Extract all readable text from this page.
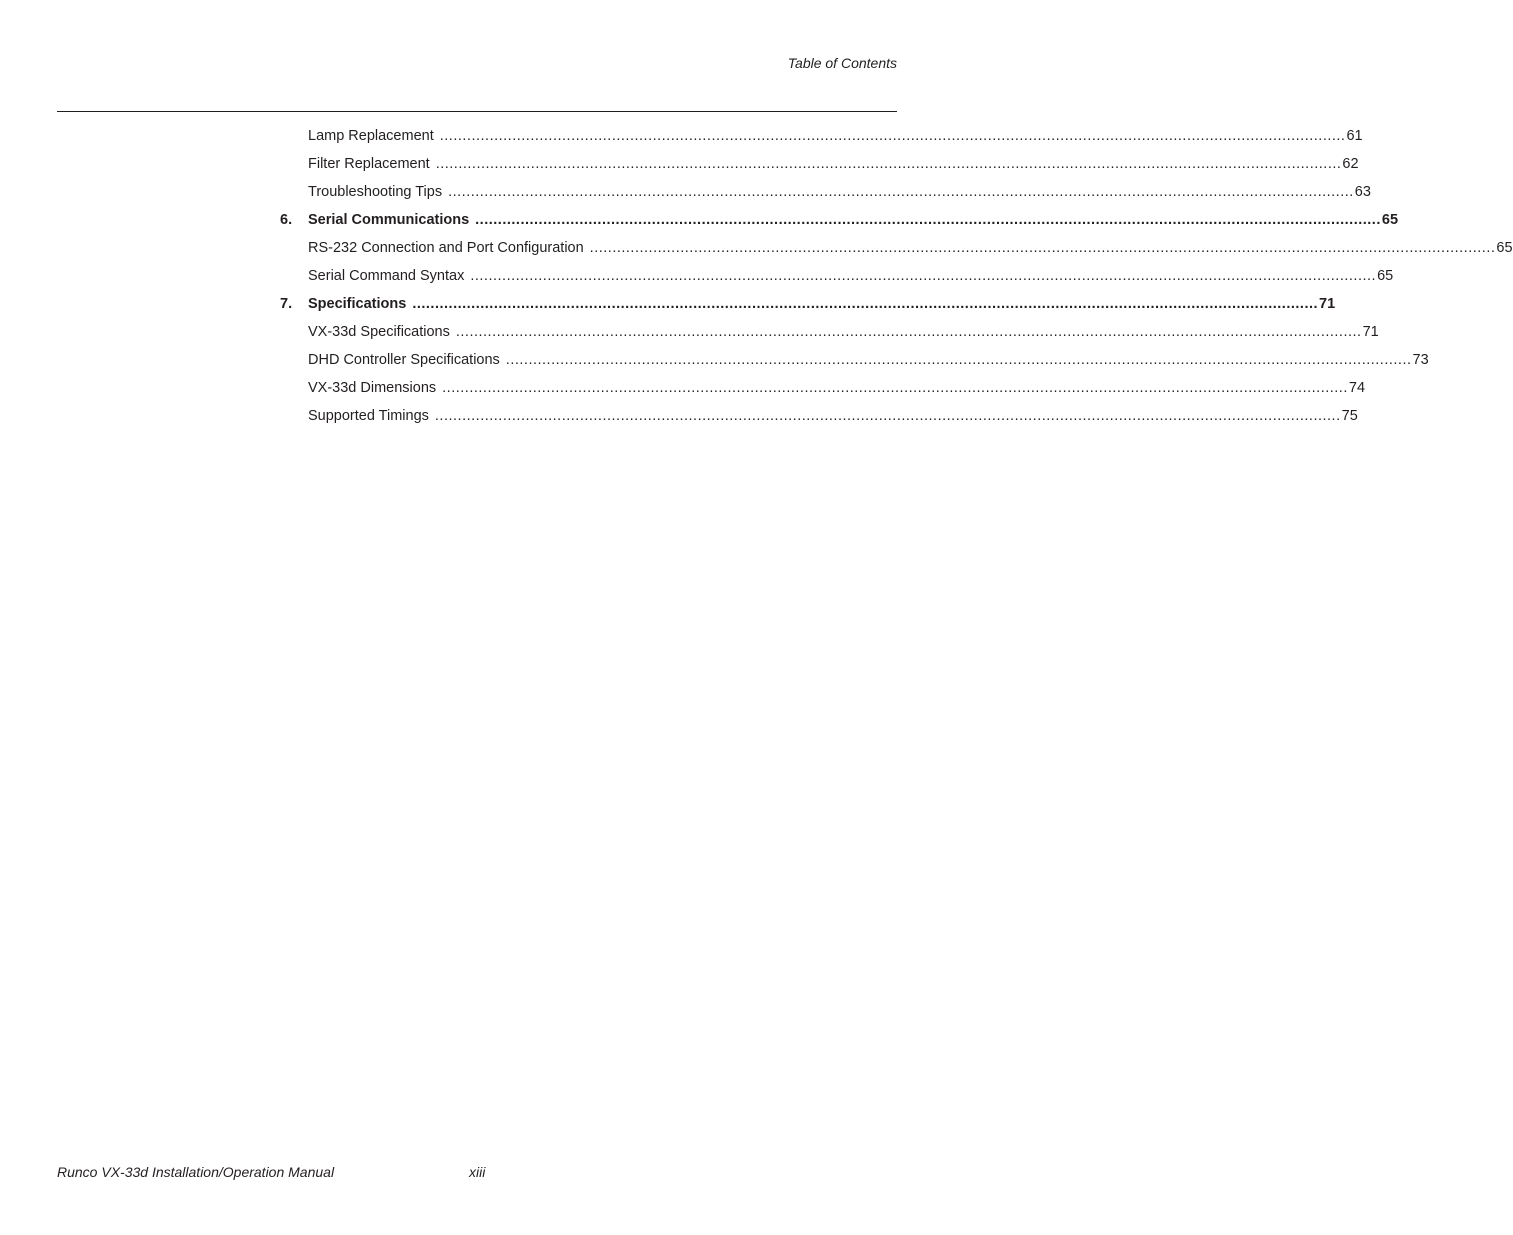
Table of Contents
Lamp Replacement ........................................................................................................................................................................................................ 61
Filter Replacement ........................................................................................................................................................................................................ 62
Troubleshooting Tips ........................................................................................................................................................................................................ 63
6.	Serial Communications ........................................................................................................................................................................................................ 65
RS-232 Connection and Port Configuration ........................................................................................................................................................................................................ 65
Serial Command Syntax ........................................................................................................................................................................................................ 65
7.	Specifications ........................................................................................................................................................................................................ 71
VX-33d Specifications ........................................................................................................................................................................................................ 71
DHD Controller Specifications ........................................................................................................................................................................................................ 73
VX-33d Dimensions ........................................................................................................................................................................................................ 74
Supported Timings ........................................................................................................................................................................................................ 75
Runco VX-33d Installation/Operation Manual	xiii
